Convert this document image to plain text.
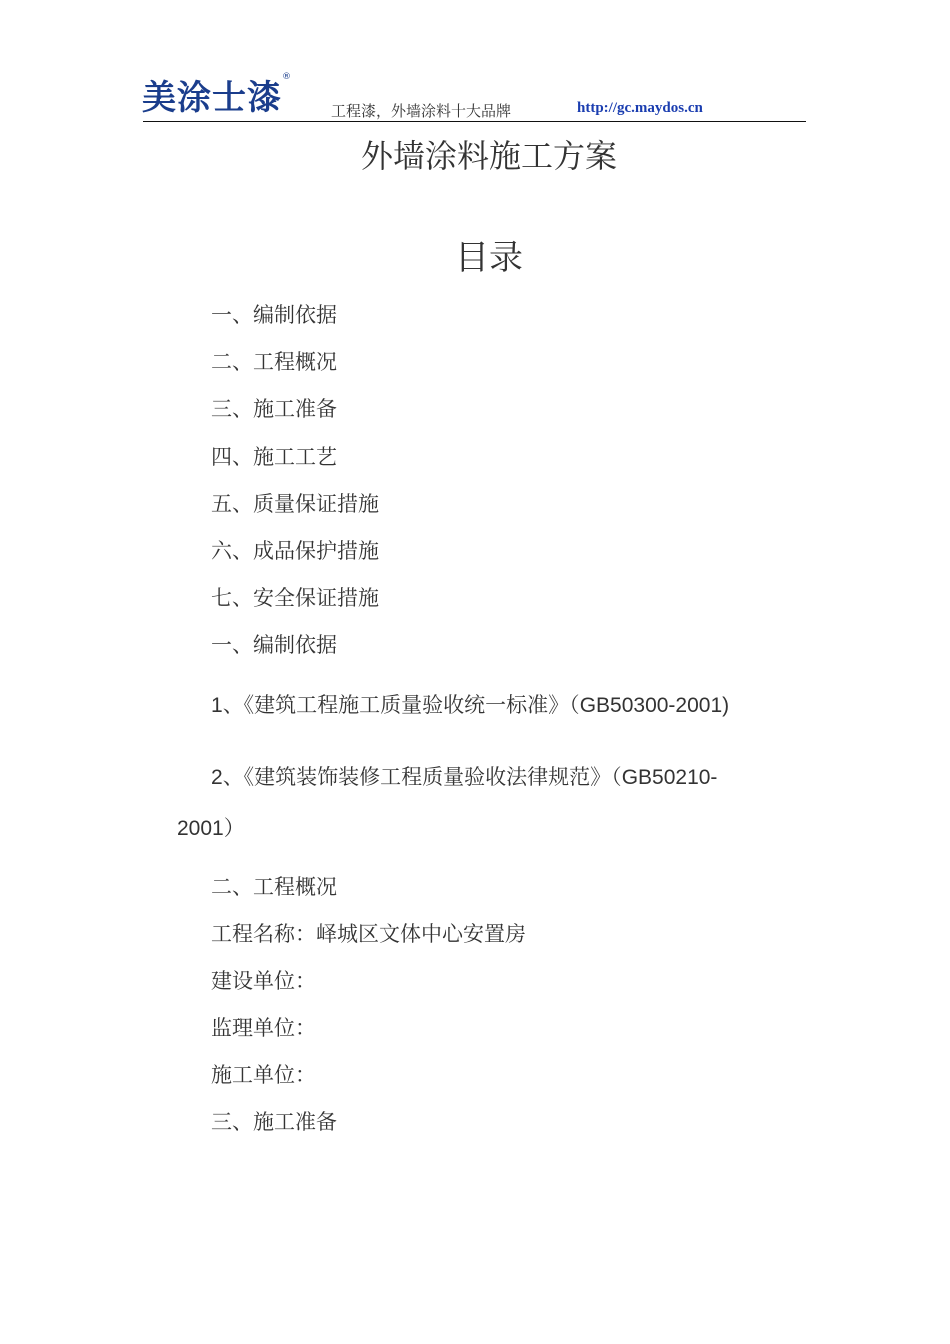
美涂士漆®
工程漆，外墙涂料十大品牌	http://gc.maydos.cn
外墙涂料施工方案
目录
一、编制依据
二、工程概况
三、施工准备
四、施工工艺
五、质量保证措施
六、成品保护措施
七、安全保证措施
一、编制依据
1、《建筑工程施工质量验收统一标准》（GB50300-2001)
2、《建筑装饰装修工程质量验收法律规范》（GB50210-
2001）
二、工程概况
工程名称：峄城区文体中心安置房
建设单位：
监理单位：
施工单位：
三、施工准备
